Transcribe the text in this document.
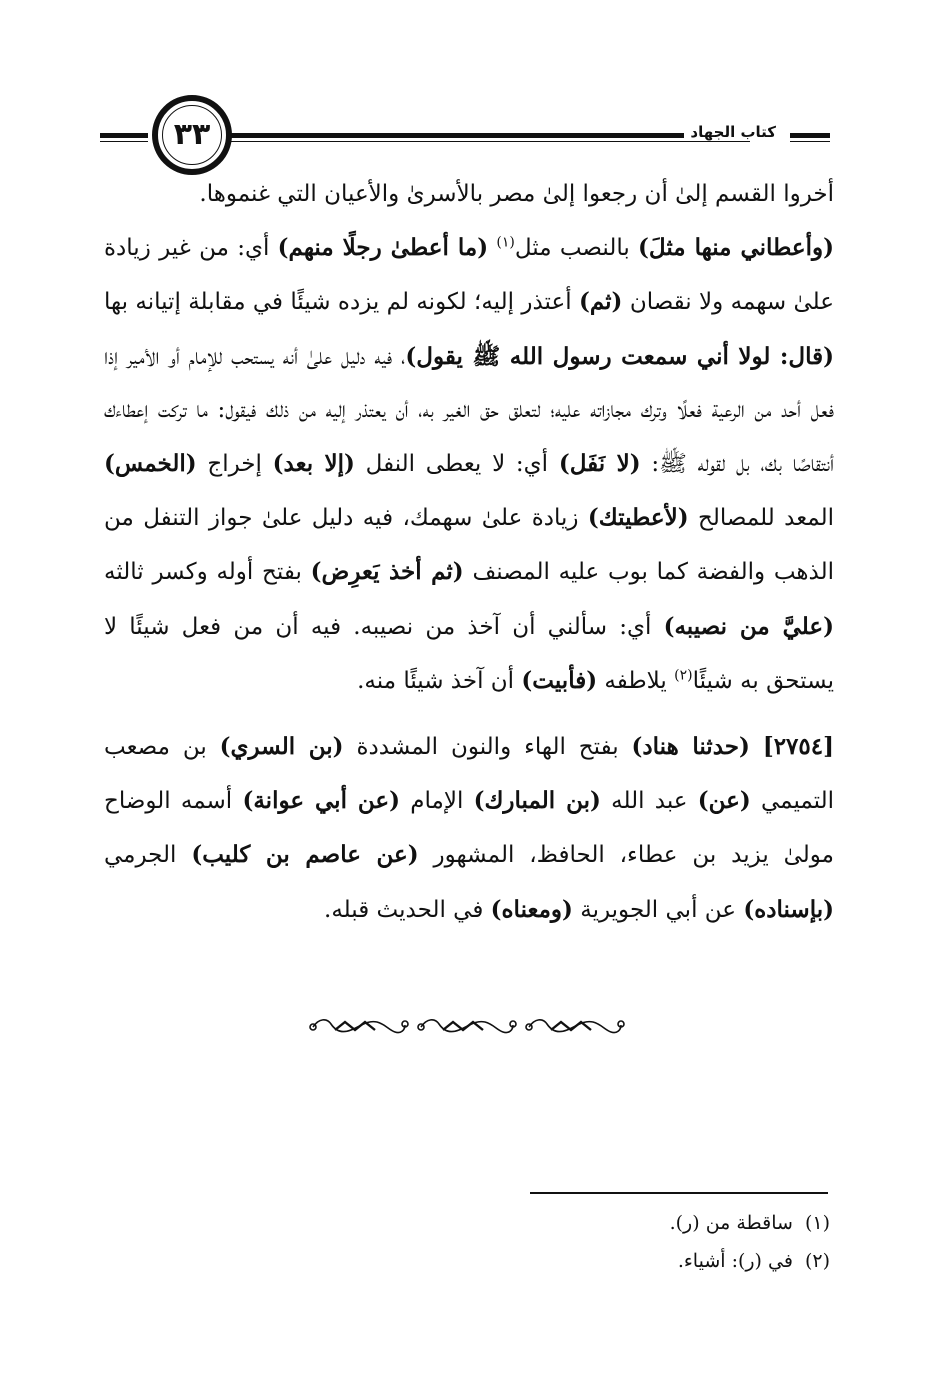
٣٣	كتاب الجهاد

أخروا القسم إلىٰ أن رجعوا إلىٰ مصر بالأسرىٰ والأعيان التي غنموها.

(وأعطاني منها مثلَ) بالنصب مثل$^{(١)}$ (ما أعطىٰ رجلًا منهم) أي: من غير زيادة علىٰ سهمه ولا نقصان (ثم) أعتذر إليه؛ لكونه لم يزده شيئًا في مقابلة إتيانه بها (قال: لولا أني سمعت رسول الله ﷺ يقول)، فيه دليل علىٰ أنه يستحب للإمام أو الأمير إذا فعل أحد من الرعية فعلًا وترك مجازاته عليه؛ لتعلق حق الغير به، أن يعتذر إليه من ذلك فيقول: ما تركت إعطاءك أنتقاصًا بك، بل لقوله ﷺ: (لا نَفَل) أي: لا يعطى النفل (إلا بعد) إخراج (الخمس) المعد للمصالح (لأعطيتك) زيادة علىٰ سهمك، فيه دليل علىٰ جواز التنفل من الذهب والفضة كما بوب عليه المصنف (ثم أخذ يَعرِض) بفتح أوله وكسر ثالثه (عليَّ من نصيبه) أي: سألني أن آخذ من نصيبه. فيه أن من فعل شيئًا لا يستحق به شيئًا$^{(٢)}$ يلاطفه (فأبيت) أن آخذ شيئًا منه.

[٢٧٥٤] (حدثنا هناد) بفتح الهاء والنون المشددة (بن السري) بن مصعب التميمي (عن) عبد الله (بن المبارك) الإمام (عن أبي عوانة) أسمه الوضاح مولىٰ يزيد بن عطاء، الحافظ، المشهور (عن عاصم بن كليب) الجرمي (بإسناده) عن أبي الجويرية (ومعناه) في الحديث قبله.

(١)ساقطة من (ر).
(٢)في (ر): أشياء.
